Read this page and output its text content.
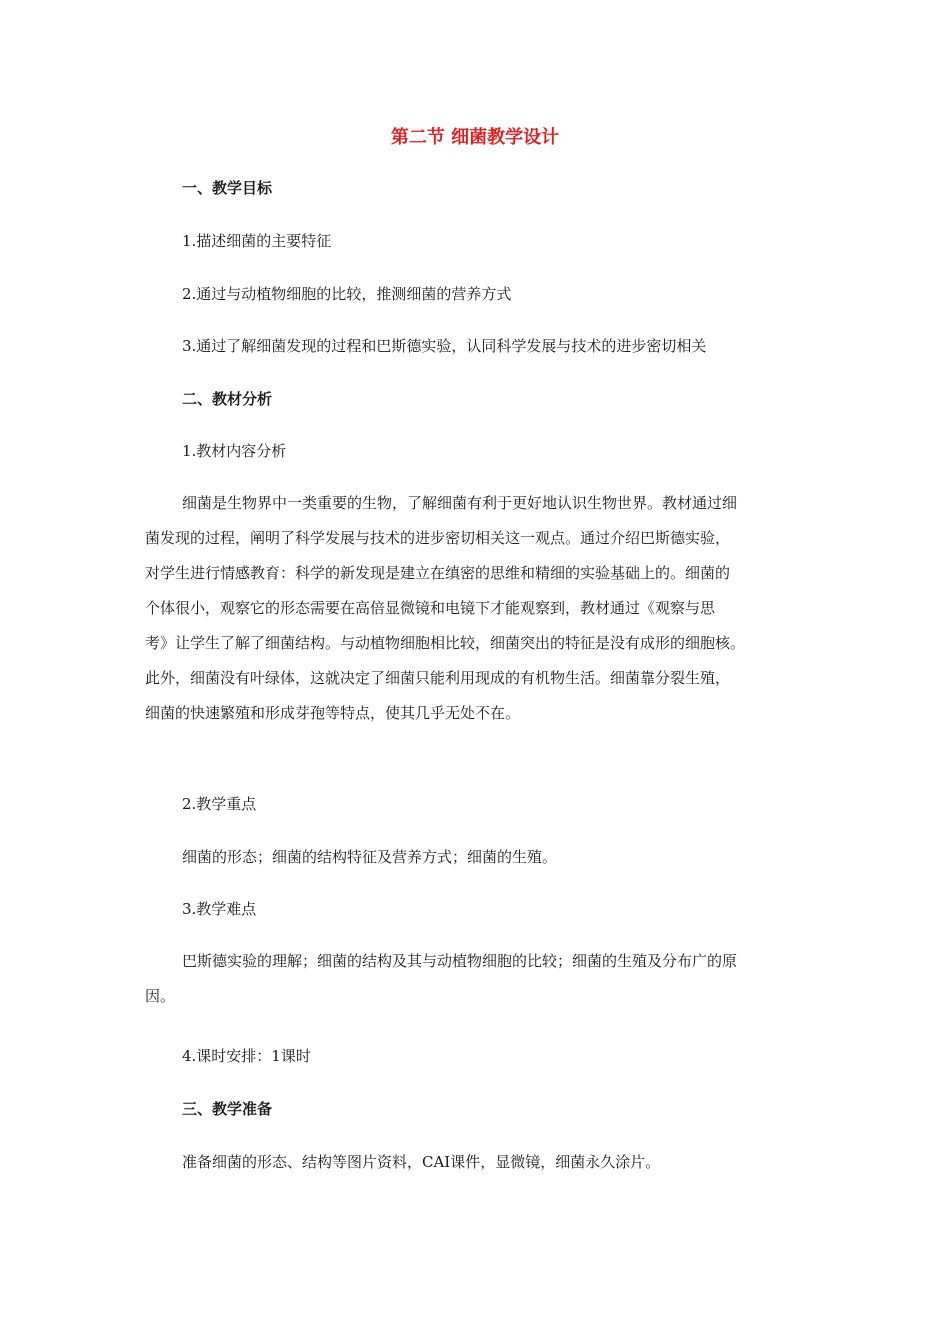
第二节 细菌教学设计
一、教学目标
1.描述细菌的主要特征
2.通过与动植物细胞的比较，推测细菌的营养方式
3.通过了解细菌发现的过程和巴斯德实验，认同科学发展与技术的进步密切相关
二、教材分析
1.教材内容分析
细菌是生物界中一类重要的生物，了解细菌有利于更好地认识生物世界。教材通过细
菌发现的过程，阐明了科学发展与技术的进步密切相关这一观点。通过介绍巴斯德实验，
对学生进行情感教育：科学的新发现是建立在缜密的思维和精细的实验基础上的。细菌的
个体很小，观察它的形态需要在高倍显微镜和电镜下才能观察到，教材通过《观察与思
考》让学生了解了细菌结构。与动植物细胞相比较，细菌突出的特征是没有成形的细胞核。
此外，细菌没有叶绿体，这就决定了细菌只能利用现成的有机物生活。细菌靠分裂生殖，
细菌的快速繁殖和形成芽孢等特点，使其几乎无处不在。
2.教学重点
细菌的形态；细菌的结构特征及营养方式；细菌的生殖。
3.教学难点
巴斯德实验的理解；细菌的结构及其与动植物细胞的比较；细菌的生殖及分布广的原
因。
4.课时安排：1课时
三、教学准备
准备细菌的形态、结构等图片资料，CAI课件，显微镜，细菌永久涂片。
